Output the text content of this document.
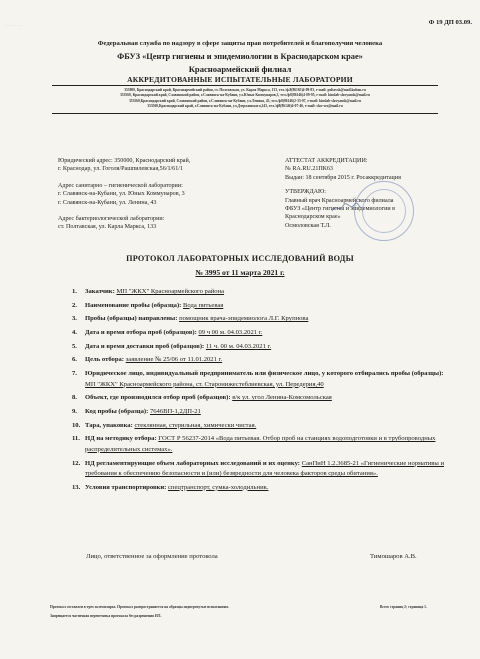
· · · · · ·
Ф 19 ДП 03.09.
Федеральная служба по надзору в сфере защиты прав потребителей и благополучия человека
ФБУЗ «Центр гигиены и эпидемиологии в Краснодарском крае»
Красноармейский филиал
АККРЕДИТОВАННЫЕ ИСПЫТАТЕЛЬНЫЕ ЛАБОРАТОРИИ
353800, Краснодарский край, Красноармейский район, ст. Полтавская, ул. Карла Маркса, 133, тел./ф.8(86165)4-09-83, e-mail: poltavsk@mail.kuban.ru
353560, Краснодарский край, Славянский район, г.Славянск-на-Кубани, ул.Юных Коммунаров,3, тел./ф8(86146)4-09-95, e-mail: kinslab-slavyansk@mail.ru
353560,Краснодарский край, Славянский район, г.Славянск-на-Кубани, ул.Ленина, 43, тел./ф8(86146)2-35-07, e-mail: kinslab-slavyansk@mail.ru
353560,Краснодарский край, г.Славянск-на-Кубани, ул.Дзержинского,243, тел./ф8(86146)4-07-46, e-mail: slav-ses@mail.ru
Юридический адрес: 350000, Краснодарский край,
г. Краснодар, ул. Гоголя/Рашпилевская,56/1/61/1
Адрес санитарно – гигиенической лаборатории:
г. Славянск-на-Кубани, ул. Юных Коммунаров, 3
г. Славянск-на-Кубани, ул. Ленина, 43
Адрес бактериологической лаборатории:
ст. Полтавская, ул. Карла Маркса, 133
АТТЕСТАТ АККРЕДИТАЦИИ:
№ RA.RU.21ПК63
Выдан: 18 сентября 2015 г. Росаккредитация
УТВЕРЖДАЮ:
Главный врач Красноармейского филиала
ФБУЗ «Центр гигиены и эпидемиологии в
Краснодарском крае»
Осмоловская Т.Л.
ПРОТОКОЛ ЛАБОРАТОРНЫХ ИССЛЕДОВАНИЙ ВОДЫ
№ 3995 от 11 марта 2021 г.
1.	Заказчик: МП "ЖКХ" Красноармейского района
2.	Наименование пробы (образца): Вода питьевая
3.	Пробы (образцы) направлены: помощник врача-эпидемиолога Л.Г. Крупнова
4.	Дата и время отбора проб (образцов): 09 ч 00 м. 04.03.2021 г.
5.	Дата и время доставки проб (образцов): 11 ч. 00 м. 04.03.2021 г.
6.	Цель отбора: заявление № 25/06 от 11.01.2021 г.
7.	Юридическое лицо, индивидуальный предприниматель или физическое лицо, у которого отбирались пробы (образцы): МП "ЖКХ" Красноармейского района, ст. Старонижестеблиевская, ул. Передерия,40
8.	Объект, где производился отбор проб (образцов): в/к ул. угол Ленина-Комсомольская
9.	Код пробы (образца): 7646ВП-1,2ДП-21
10. Тара, упаковка: стеклянная, стерильная, химически чистая.
11. НД на методику отбора: ГОСТ Р 56237-2014 «Вода питьевая. Отбор проб на станциях водоподготовки и в трубопроводных распределительных системах».
12. НД регламентирующие объем лабораторных исследований и их оценку: СанПиН 1.2.3685-21 «Гигиенические нормативы и требования к обеспечению безопасности и (или) безвредности для человека факторов среды обитания».
13. Условия транспортировки: спецтранспорт, сумка-холодильник.
Лицо, ответственное за оформление протокола	Тимошаров А.В.
Протокол составлен в трех экземплярах. Протокол распространяется на образцы подвергнутые испытаниям.
Запрещается частичная перепечатка протокола без разрешения ИЛ.
Всего страниц 2; страница 1.
